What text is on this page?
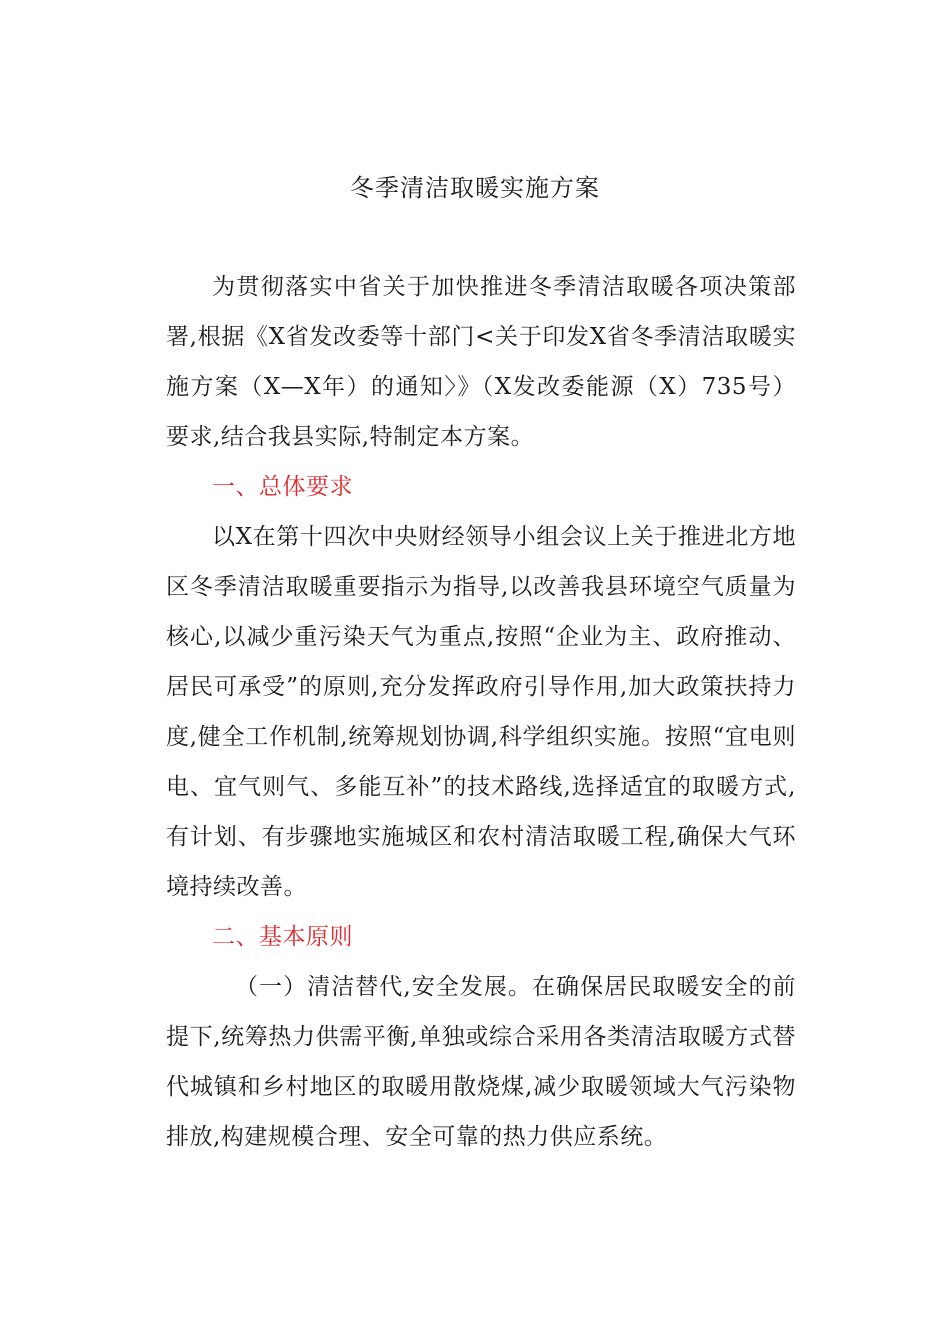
冬季清洁取暖实施方案

为贯彻落实中省关于加快推进冬季清洁取暖各项决策部署,根据《X省发改委等十部门<关于印发X省冬季清洁取暖实施方案（X—X年）的通知〉》（X发改委能源（X）735号）要求,结合我县实际,特制定本方案。

一、总体要求

以X在第十四次中央财经领导小组会议上关于推进北方地区冬季清洁取暖重要指示为指导,以改善我县环境空气质量为核心,以减少重污染天气为重点,按照“企业为主、政府推动、居民可承受”的原则,充分发挥政府引导作用,加大政策扶持力度,健全工作机制,统筹规划协调,科学组织实施。按照“宜电则电、宜气则气、多能互补”的技术路线,选择适宜的取暖方式,有计划、有步骤地实施城区和农村清洁取暖工程,确保大气环境持续改善。

二、基本原则

（一）清洁替代,安全发展。在确保居民取暖安全的前提下,统筹热力供需平衡,单独或综合采用各类清洁取暖方式替代城镇和乡村地区的取暖用散烧煤,减少取暖领域大气污染物排放,构建规模合理、安全可靠的热力供应系统。
